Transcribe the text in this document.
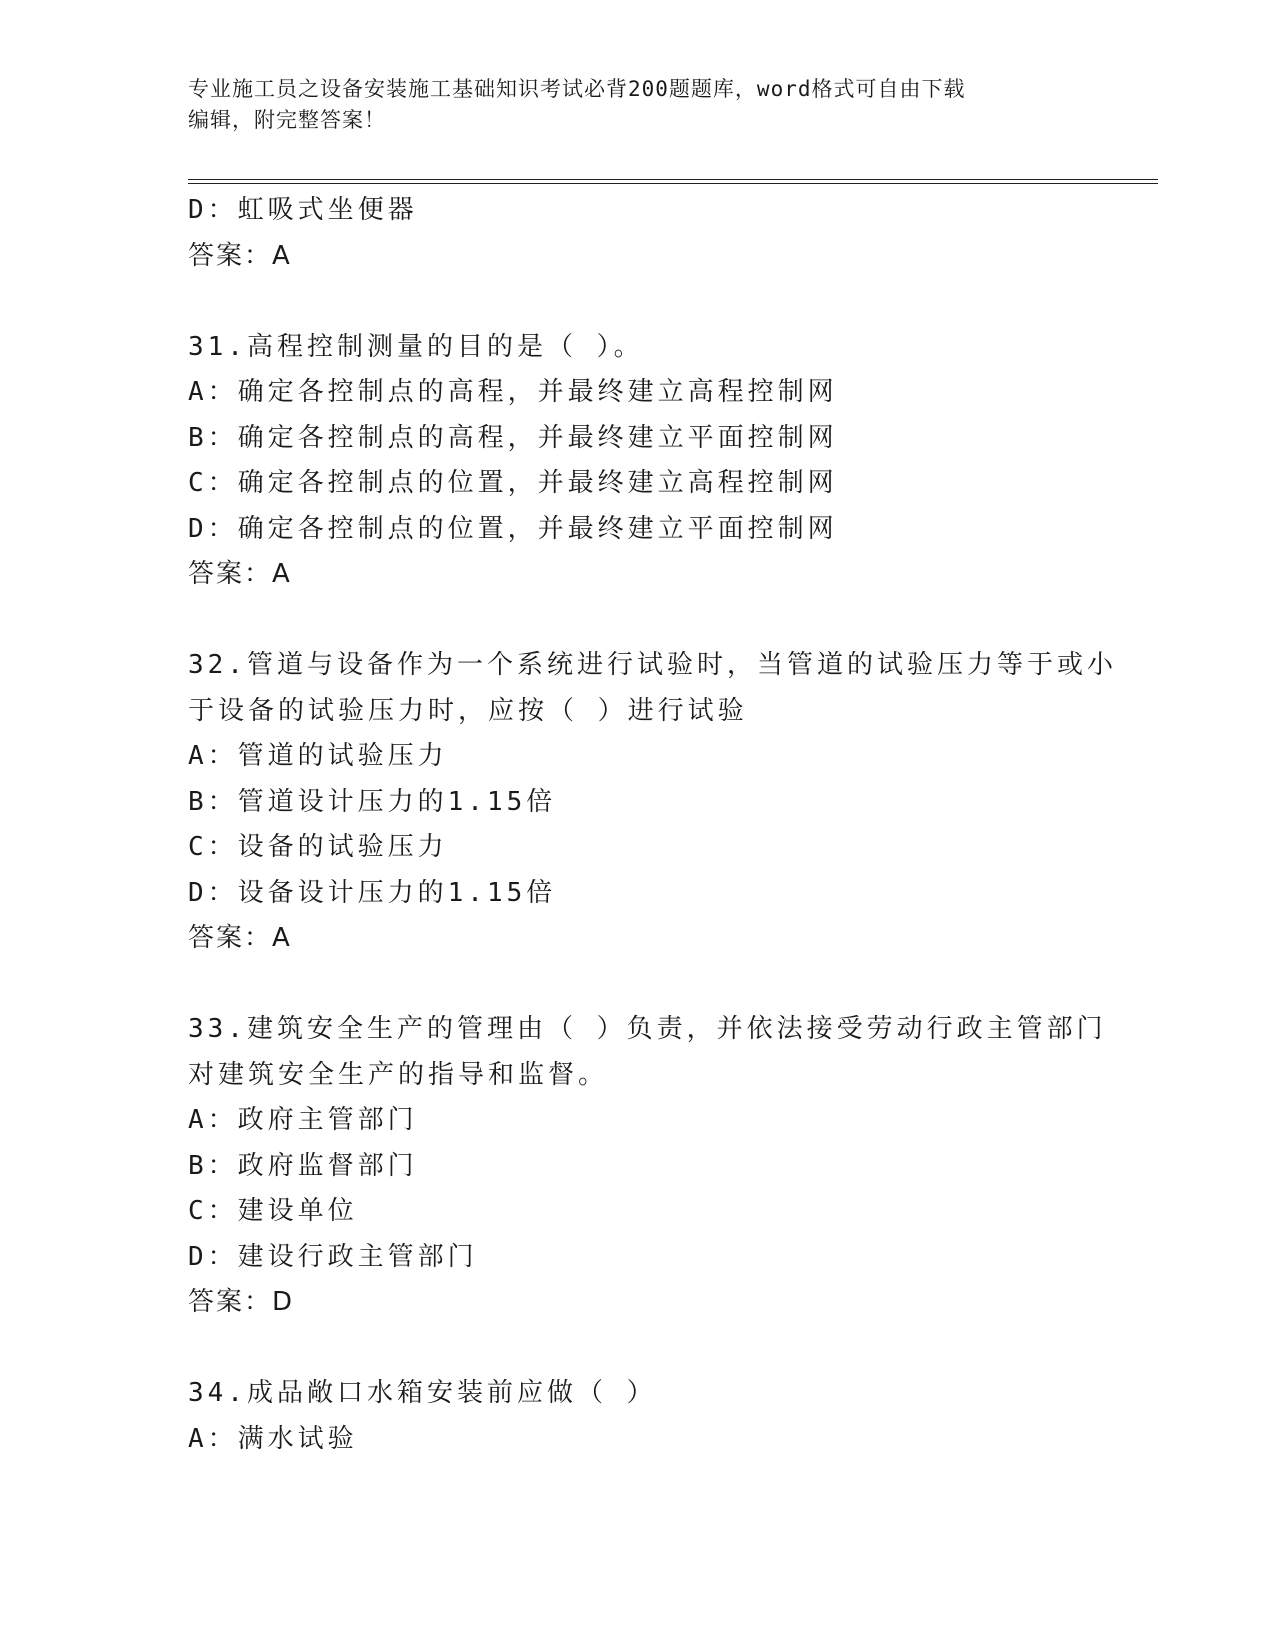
专业施工员之设备安装施工基础知识考试必背200题题库，word格式可自由下载
编辑，附完整答案！
D：虹吸式坐便器
答案：A
31.高程控制测量的目的是（ ）。
A：确定各控制点的高程，并最终建立高程控制网
B：确定各控制点的高程，并最终建立平面控制网
C：确定各控制点的位置，并最终建立高程控制网
D：确定各控制点的位置，并最终建立平面控制网
答案：A
32.管道与设备作为一个系统进行试验时，当管道的试验压力等于或小
于设备的试验压力时，应按（ ）进行试验
A：管道的试验压力
B：管道设计压力的1.15倍
C：设备的试验压力
D：设备设计压力的1.15倍
答案：A
33.建筑安全生产的管理由（ ）负责，并依法接受劳动行政主管部门
对建筑安全生产的指导和监督。
A：政府主管部门
B：政府监督部门
C：建设单位
D：建设行政主管部门
答案：D
34.成品敞口水箱安装前应做（ ）
A：满水试验
